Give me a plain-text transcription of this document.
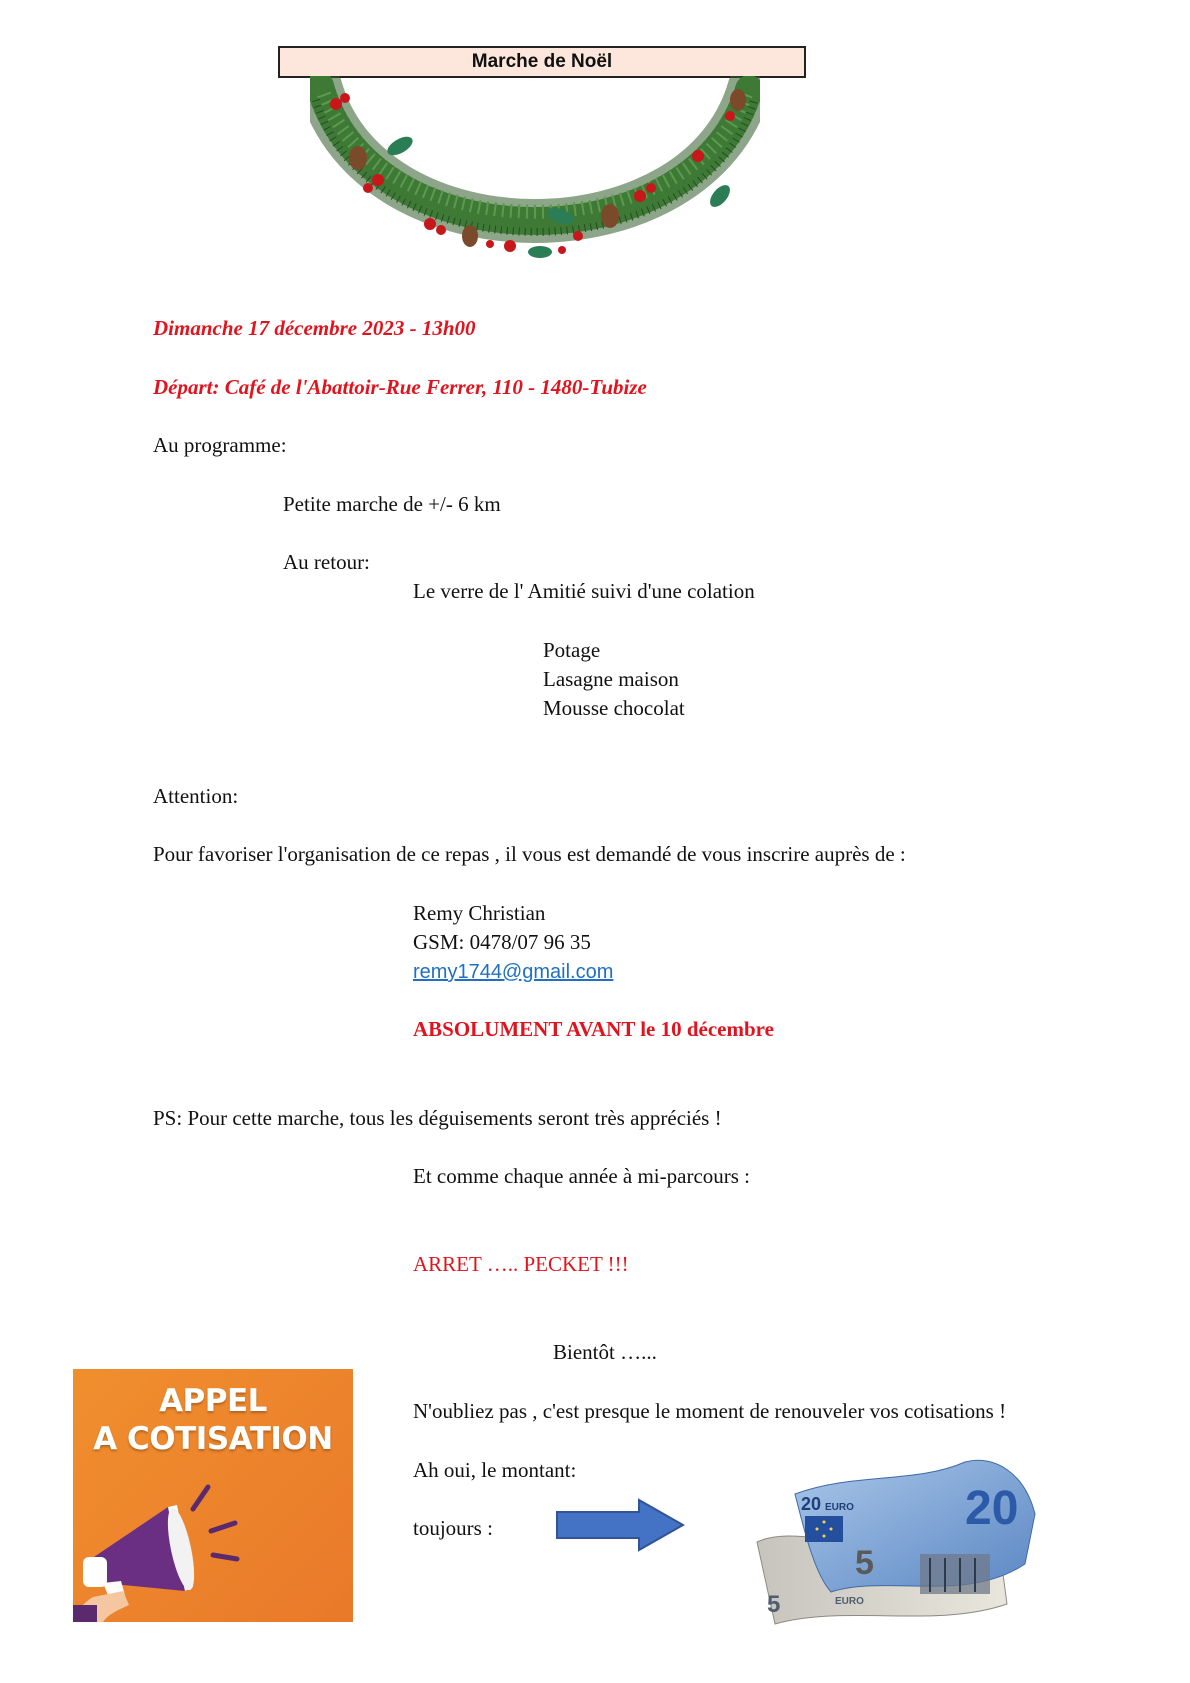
Marche de Noël
Dimanche 17 décembre 2023 - 13h00
Départ: Café de l'Abattoir-Rue Ferrer, 110 - 1480-Tubize
Au programme:
Petite marche de +/- 6 km
Au retour:
Le verre de l' Amitié suivi d'une colation
Potage
Lasagne maison
Mousse chocolat
Attention:
Pour favoriser l'organisation de ce repas , il vous est demandé de vous inscrire auprès de :
Remy Christian
GSM: 0478/07 96 35
remy1744@gmail.com
ABSOLUMENT AVANT le 10 décembre
PS: Pour cette marche, tous les déguisements seront très appréciés !
Et comme chaque année à mi-parcours :
ARRET ….. PECKET !!!
Bientôt …...
N'oubliez pas , c'est presque le moment de renouveler vos cotisations !
Ah oui, le montant:
toujours :
APPEL
A COTISATION
20
20 EURO
5
5	EURO
